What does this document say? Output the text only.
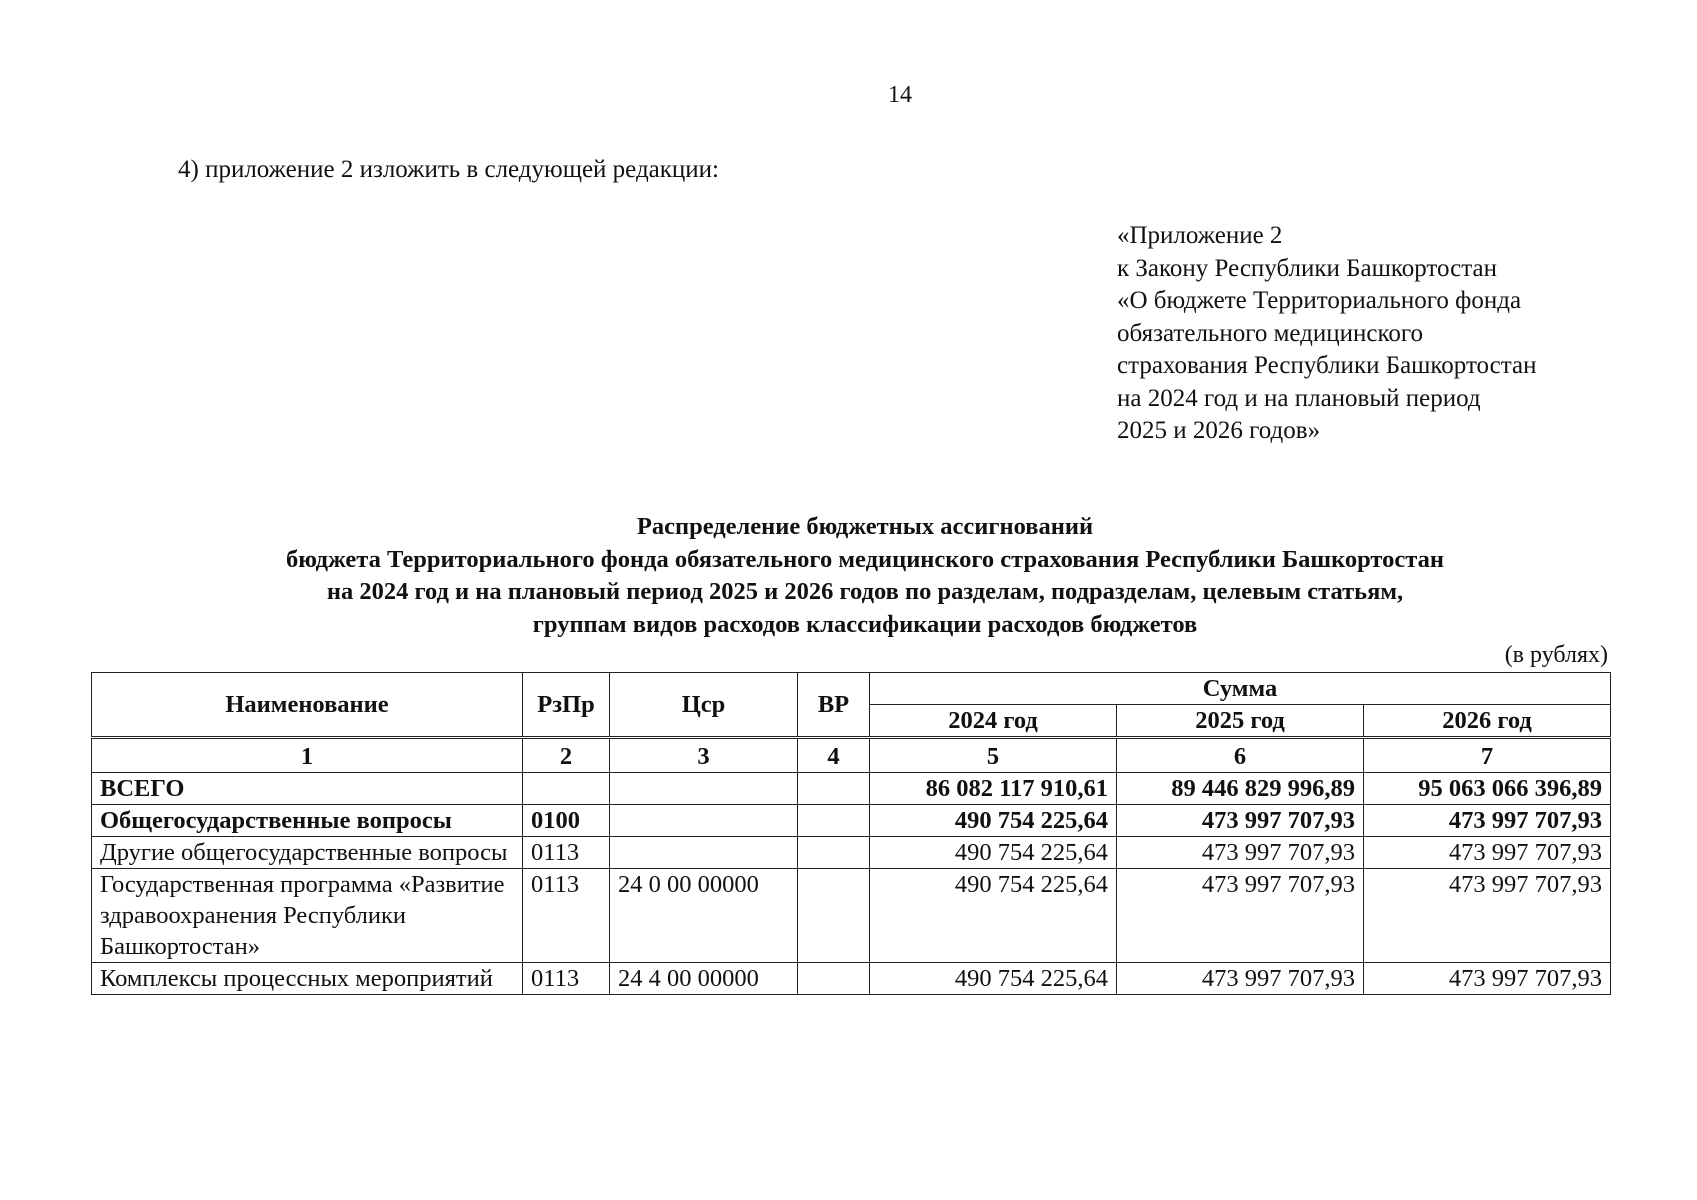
14
4) приложение 2 изложить в следующей редакции:
«Приложение 2
к Закону Республики Башкортостан
«О бюджете Территориального фонда
обязательного медицинского
страхования Республики Башкортостан
на 2024 год и на плановый период
2025 и 2026 годов»
Распределение бюджетных ассигнований
бюджета Территориального фонда обязательного медицинского страхования Республики Башкортостан
на 2024 год и на плановый период 2025 и 2026 годов по разделам, подразделам, целевым статьям,
группам видов расходов классификации расходов бюджетов
(в рублях)
Наименование	РзПр	Цср	ВР	Сумма		
				2024 год	2025 год	2026 год
1	2	3	4	5	6	7
ВСЕГО				86 082 117 910,61	89 446 829 996,89	95 063 066 396,89
Общегосударственные вопросы	0100			490 754 225,64	473 997 707,93	473 997 707,93
Другие общегосударственные вопросы	0113			490 754 225,64	473 997 707,93	473 997 707,93
Государственная программа «Развитие здравоохранения Республики Башкортостан»	0113	24 0 00 00000		490 754 225,64	473 997 707,93	473 997 707,93
Комплексы процессных мероприятий	0113	24 4 00 00000		490 754 225,64	473 997 707,93	473 997 707,93
